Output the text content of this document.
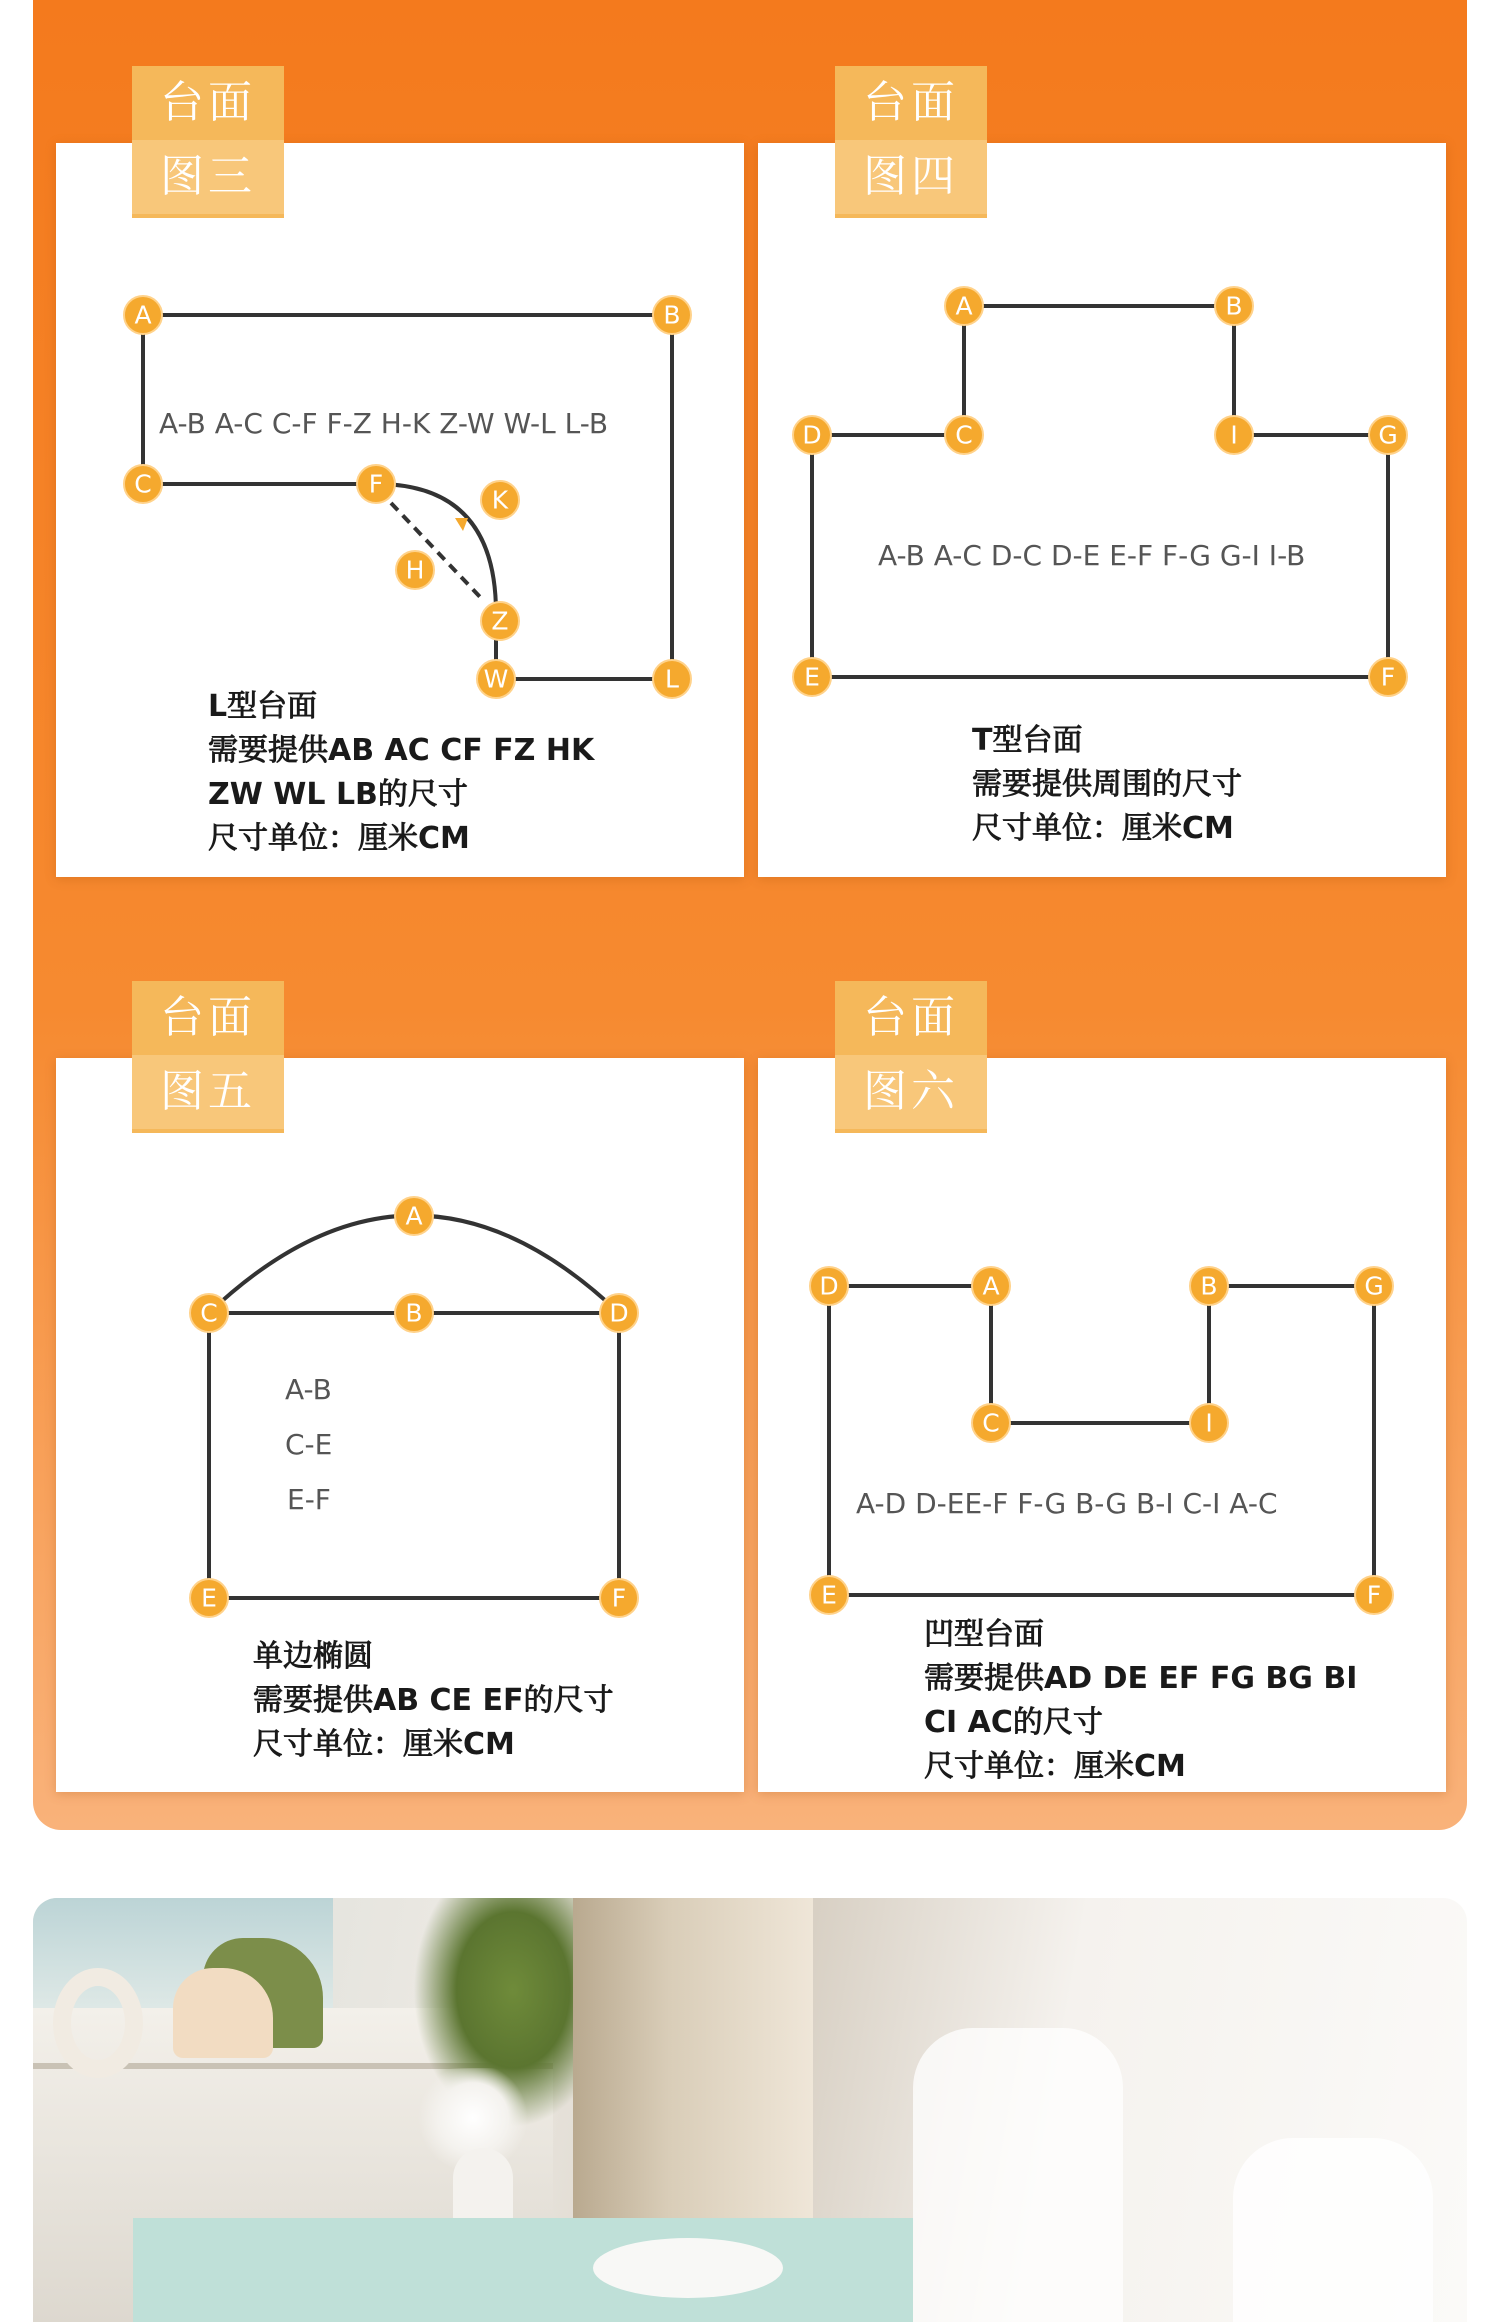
台面
图三
A-B A-C C-F F-Z H-K Z-W W-L L-B
A	B
C	F
K
H
Z
W	L
L型台面
需要提供AB AC CF FZ HK
ZW WL LB的尺寸
尺寸单位：厘米CM
台面
图四
A-B A-C D-C D-E E-F F-G G-I I-B
A	B
D	C	I	G
E	F
T型台面
需要提供周围的尺寸
尺寸单位：厘米CM
台面
图五
A-B
C-E
E-F
A
C	B	D
E	F
单边椭圆
需要提供AB CE EF的尺寸
尺寸单位：厘米CM
台面
图六
A-D D-EE-F F-G B-G B-I C-I A-C
D	A	B	G
C	I
E	F
凹型台面
需要提供AD DE EF FG BG BI
CI AC的尺寸
尺寸单位：厘米CM
